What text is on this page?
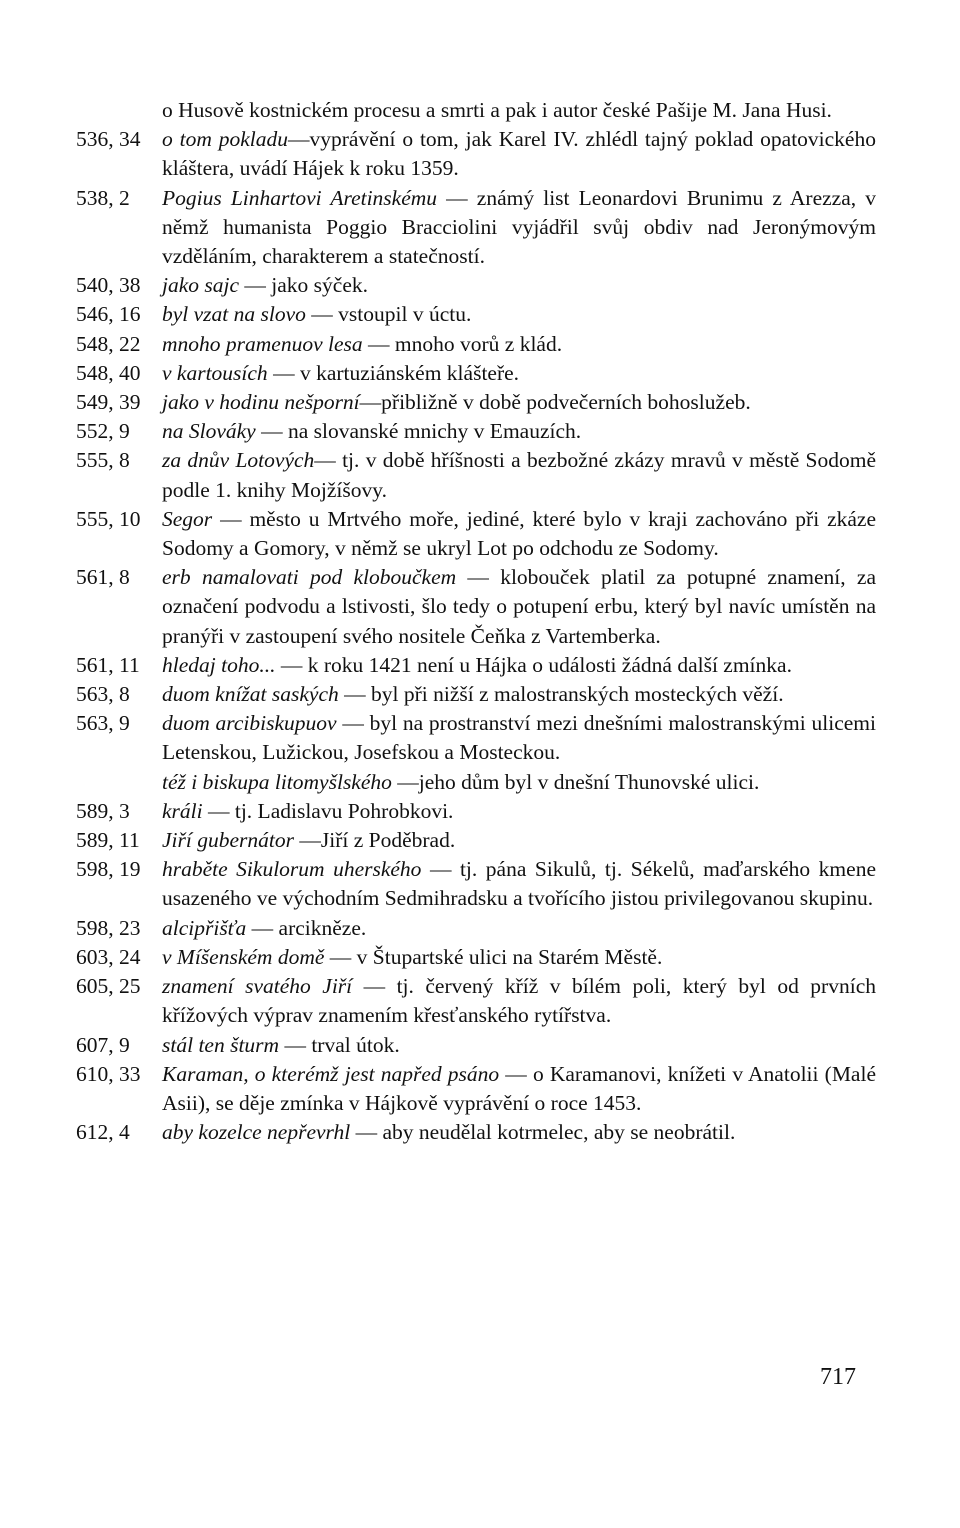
o Husově kostnickém procesu a smrti a pak i autor české Pašije M. Jana Husi.
536, 34	o tom pokladu—vyprávění o tom, jak Karel IV. zhlédl tajný poklad opatovického kláštera, uvádí Hájek k roku 1359.
538, 2	Pogius Linhartovi Aretinskému — známý list Leonardovi Brunimu z Arezza, v němž humanista Poggio Bracciolini vyjádřil svůj obdiv nad Jeronýmovým vzděláním, charakterem a statečností.
540, 38	jako sajc — jako sýček.
546, 16	byl vzat na slovo — vstoupil v úctu.
548, 22	mnoho pramenuov lesa — mnoho vorů z klád.
548, 40	v kartousích — v kartuziánském klášteře.
549, 39	jako v hodinu nešporní—přibližně v době podvečerních bohoslužeb.
552, 9	na Slováky — na slovanské mnichy v Emauzích.
555, 8	za dnův Lotových— tj. v době hříšnosti a bezbožné zkázy mravů v městě Sodomě podle 1. knihy Mojžíšovy.
555, 10	Segor — město u Mrtvého moře, jediné, které bylo v kraji zachováno při zkáze Sodomy a Gomory, v němž se ukryl Lot po odchodu ze Sodomy.
561, 8	erb namalovati pod kloboučkem — klobouček platil za potupné znamení, za označení podvodu a lstivosti, šlo tedy o potupení erbu, který byl navíc umístěn na pranýři v zastoupení svého nositele Čeňka z Vartemberka.
561, 11	hledaj toho... — k roku 1421 není u Hájka o události žádná další zmínka.
563, 8	duom knížat saských — byl při nižší z malostranských mosteckých věží.
563, 9	duom arcibiskupuov — byl na prostranství mezi dnešními malostranskými ulicemi Letenskou, Lužickou, Josefskou a Mosteckou.
též i biskupa litomyšlského —jeho dům byl v dnešní Thunovské ulici.
589, 3	králi — tj. Ladislavu Pohrobkovi.
589, 11	Jiří gubernátor —Jiří z Poděbrad.
598, 19	hraběte Sikulorum uherského — tj. pána Sikulů, tj. Sékelů, maďarského kmene usazeného ve východním Sedmihradsku a tvořícího jistou privilegovanou skupinu.
598, 23	alcipřišťa — arcikněze.
603, 24	v Míšenském domě — v Štupartské ulici na Starém Městě.
605, 25	znamení svatého Jiří — tj. červený kříž v bílém poli, který byl od prvních křížových výprav znamením křesťanského rytířstva.
607, 9	stál ten šturm — trval útok.
610, 33	Karaman, o kterémž jest napřed psáno — o Karamanovi, knížeti v Anatolii (Malé Asii), se děje zmínka v Hájkově vyprávění o roce 1453.
612, 4	aby kozelce nepřevrhl — aby neudělal kotrmelec, aby se neobrátil.
717
